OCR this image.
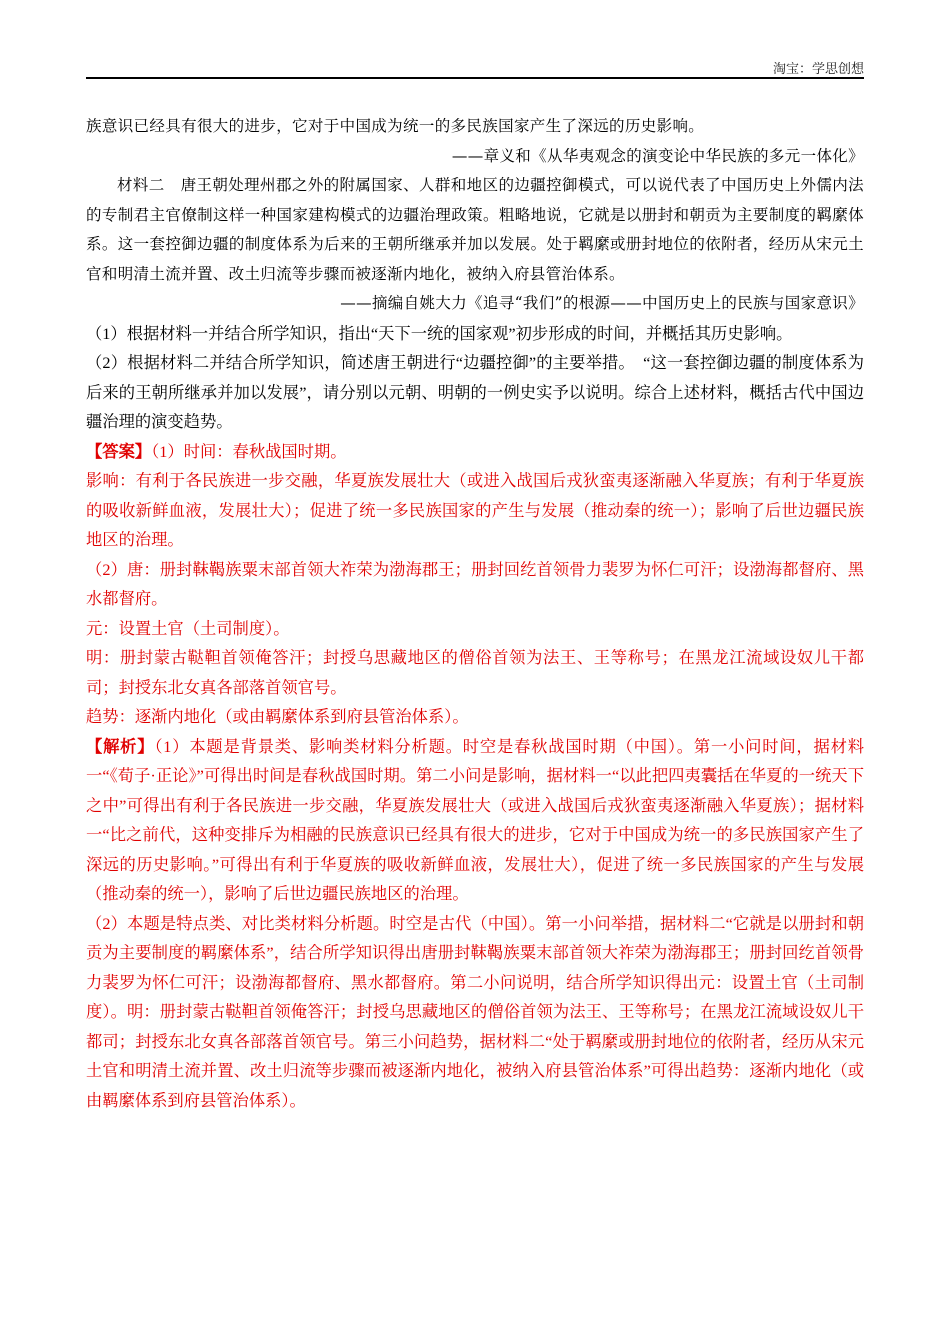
淘宝：学思创想

族意识已经具有很大的进步，它对于中国成为统一的多民族国家产生了深远的历史影响。

——章义和《从华夷观念的演变论中华民族的多元一体化》

材料二　唐王朝处理州郡之外的附属国家、人群和地区的边疆控御模式，可以说代表了中国历史上外儒内法的专制君主官僚制这样一种国家建构模式的边疆治理政策。粗略地说，它就是以册封和朝贡为主要制度的羁縻体系。这一套控御边疆的制度体系为后来的王朝所继承并加以发展。处于羁縻或册封地位的依附者，经历从宋元土官和明清土流并置、改土归流等步骤而被逐渐内地化，被纳入府县管治体系。

——摘编自姚大力《追寻“我们”的根源——中国历史上的民族与国家意识》

（1）根据材料一并结合所学知识，指出“天下一统的国家观”初步形成的时间，并概括其历史影响。

（2）根据材料二并结合所学知识，简述唐王朝进行“边疆控御”的主要举措。　“这一套控御边疆的制度体系为后来的王朝所继承并加以发展”，请分别以元朝、明朝的一例史实予以说明。综合上述材料，概括古代中国边疆治理的演变趋势。

【答案】（1）时间：春秋战国时期。

影响：有利于各民族进一步交融，华夏族发展壮大（或进入战国后戎狄蛮夷逐渐融入华夏族；有利于华夏族的吸收新鲜血液，发展壮大）；促进了统一多民族国家的产生与发展（推动秦的统一）；影响了后世边疆民族地区的治理。

（2）唐：册封靺鞨族粟末部首领大祚荣为渤海郡王；册封回纥首领骨力裴罗为怀仁可汗；设渤海都督府、黑水都督府。

元：设置土官（土司制度）。

明：册封蒙古鞑靼首领俺答汗；封授乌思藏地区的僧俗首领为法王、王等称号；在黑龙江流域设奴儿干都司；封授东北女真各部落首领官号。

趋势：逐渐内地化（或由羁縻体系到府县管治体系）。

【解析】（1）本题是背景类、影响类材料分析题。时空是春秋战国时期（中国）。第一小问时间，据材料一“《荀子·正论》”可得出时间是春秋战国时期。第二小问是影响，据材料一“以此把四夷囊括在华夏的一统天下之中”可得出有利于各民族进一步交融，华夏族发展壮大（或进入战国后戎狄蛮夷逐渐融入华夏族）；据材料一“比之前代，这种变排斥为相融的民族意识已经具有很大的进步，它对于中国成为统一的多民族国家产生了深远的历史影响。”可得出有利于华夏族的吸收新鲜血液，发展壮大），促进了统一多民族国家的产生与发展（推动秦的统一），影响了后世边疆民族地区的治理。

（2）本题是特点类、对比类材料分析题。时空是古代（中国）。第一小问举措，据材料二“它就是以册封和朝贡为主要制度的羁縻体系”，结合所学知识得出唐册封靺鞨族粟末部首领大祚荣为渤海郡王；册封回纥首领骨力裴罗为怀仁可汗；设渤海都督府、黑水都督府。第二小问说明，结合所学知识得出元：设置土官（土司制度）。明：册封蒙古鞑靼首领俺答汗；封授乌思藏地区的僧俗首领为法王、王等称号；在黑龙江流域设奴儿干都司；封授东北女真各部落首领官号。第三小问趋势，据材料二“处于羁縻或册封地位的依附者，经历从宋元土官和明清土流并置、改土归流等步骤而被逐渐内地化，被纳入府县管治体系”可得出趋势：逐渐内地化（或由羁縻体系到府县管治体系）。
